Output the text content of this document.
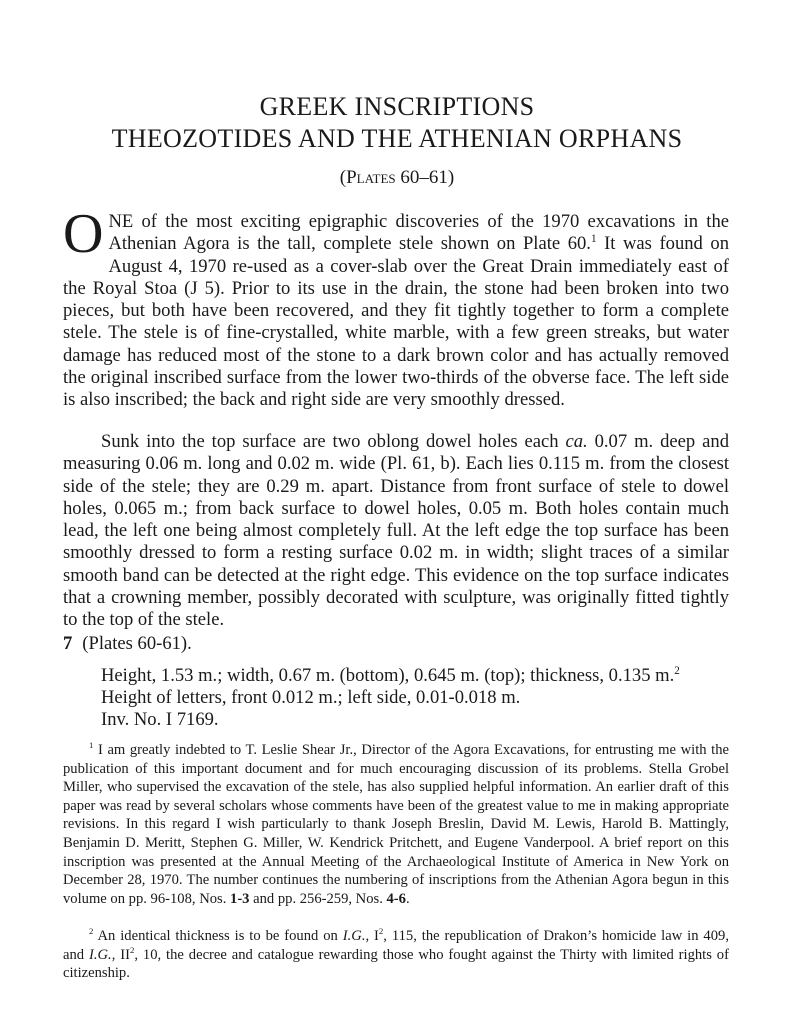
GREEK INSCRIPTIONS
THEOZOTIDES AND THE ATHENIAN ORPHANS
(Plates 60–61)

ONE of the most exciting epigraphic discoveries of the 1970 excavations in the Athenian Agora is the tall, complete stele shown on Plate 60.$^1$ It was found on August 4, 1970 re-used as a cover-slab over the Great Drain immediately east of the Royal Stoa (J 5). Prior to its use in the drain, the stone had been broken into two pieces, but both have been recovered, and they fit tightly together to form a complete stele. The stele is of fine-crystalled, white marble, with a few green streaks, but water damage has reduced most of the stone to a dark brown color and has actually removed the original inscribed surface from the lower two-thirds of the obverse face. The left side is also inscribed; the back and right side are very smoothly dressed.

Sunk into the top surface are two oblong dowel holes each ca. 0.07 m. deep and measuring 0.06 m. long and 0.02 m. wide (Pl. 61, b). Each lies 0.115 m. from the closest side of the stele; they are 0.29 m. apart. Distance from front surface of stele to dowel holes, 0.065 m.; from back surface to dowel holes, 0.05 m. Both holes contain much lead, the left one being almost completely full. At the left edge the top surface has been smoothly dressed to form a resting surface 0.02 m. in width; slight traces of a similar smooth band can be detected at the right edge. This evidence on the top surface indicates that a crowning member, possibly decorated with sculpture, was originally fitted tightly to the top of the stele.

7 (Plates 60-61).
Height, 1.53 m.; width, 0.67 m. (bottom), 0.645 m. (top); thickness, 0.135 m.$^2$
Height of letters, front 0.012 m.; left side, 0.01-0.018 m.
Inv. No. I 7169.

$^1$ I am greatly indebted to T. Leslie Shear Jr., Director of the Agora Excavations, for entrusting me with the publication of this important document and for much encouraging discussion of its problems. Stella Grobel Miller, who supervised the excavation of the stele, has also supplied helpful information. An earlier draft of this paper was read by several scholars whose comments have been of the greatest value to me in making appropriate revisions. In this regard I wish particularly to thank Joseph Breslin, David M. Lewis, Harold B. Mattingly, Benjamin D. Meritt, Stephen G. Miller, W. Kendrick Pritchett, and Eugene Vanderpool. A brief report on this inscription was presented at the Annual Meeting of the Archaeological Institute of America in New York on December 28, 1970. The number continues the numbering of inscriptions from the Athenian Agora begun in this volume on pp. 96-108, Nos. 1-3 and pp. 256-259, Nos. 4-6.

$^2$ An identical thickness is to be found on I.G., $I^2$, 115, the republication of Drakon’s homicide law in 409, and I.G., $II^2$, 10, the decree and catalogue rewarding those who fought against the Thirty with limited rights of citizenship.
